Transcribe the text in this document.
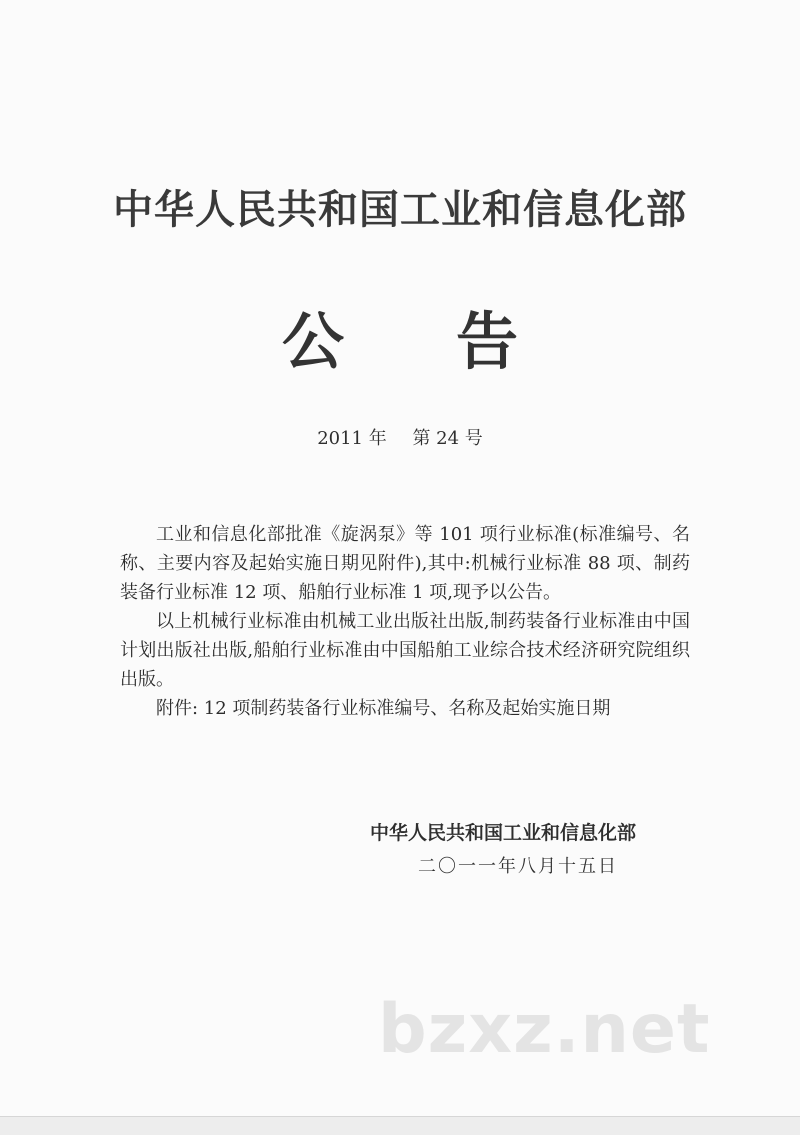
中华人民共和国工业和信息化部
公 告
2011 年 第 24 号

工业和信息化部批准《旋涡泵》等 101 项行业标准(标准编号、名称、主要内容及起始实施日期见附件),其中:机械行业标准 88 项、制药装备行业标准 12 项、船舶行业标准 1 项,现予以公告。

以上机械行业标准由机械工业出版社出版,制药装备行业标准由中国计划出版社出版,船舶行业标准由中国船舶工业综合技术经济研究院组织出版。

附件: 12 项制药装备行业标准编号、名称及起始实施日期

中华人民共和国工业和信息化部
二〇一一年八月十五日
bzxz.net
